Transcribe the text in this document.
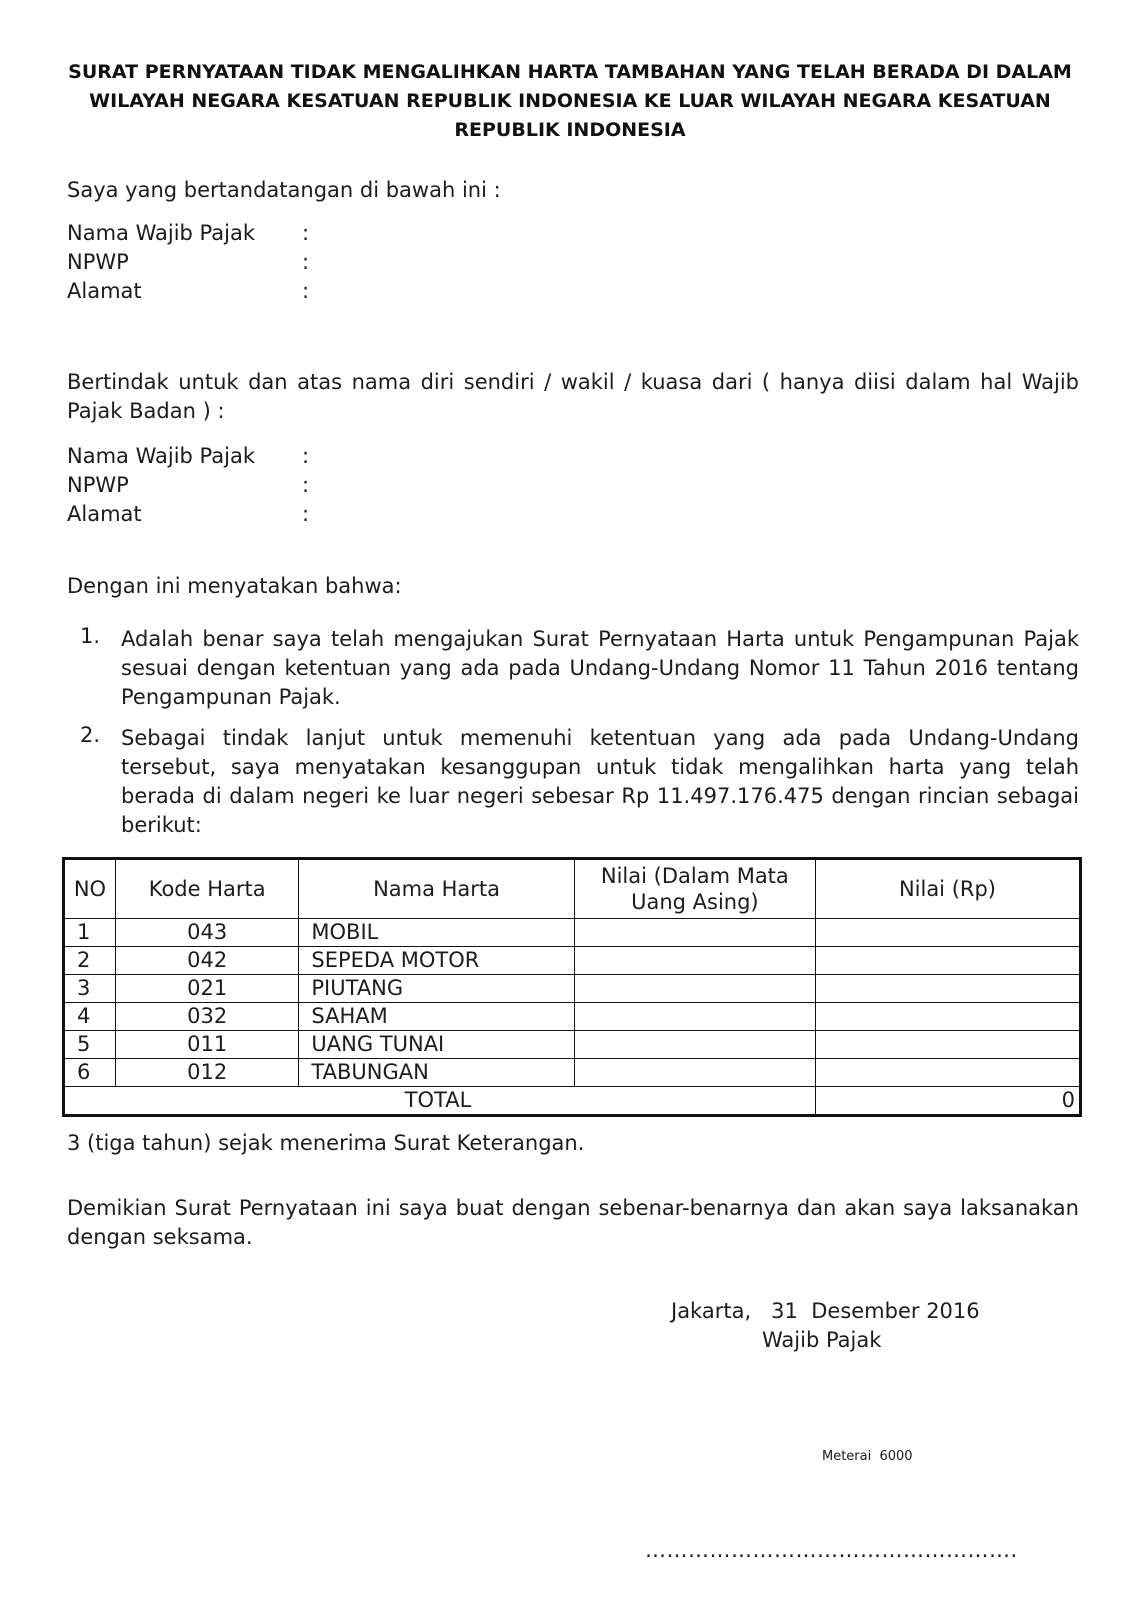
SURAT PERNYATAAN TIDAK MENGALIHKAN HARTA TAMBAHAN YANG TELAH BERADA DI DALAM
WILAYAH NEGARA KESATUAN REPUBLIK INDONESIA KE LUAR WILAYAH NEGARA KESATUAN
REPUBLIK INDONESIA
Saya yang bertandatangan di bawah ini :
Nama Wajib Pajak :
NPWP	:
Alamat	:
Bertindak untuk dan atas nama diri sendiri / wakil / kuasa dari ( hanya diisi dalam hal Wajib Pajak Badan ) :
Nama Wajib Pajak :
NPWP	:
Alamat	:
Dengan ini menyatakan bahwa:
1. Adalah benar saya telah mengajukan Surat Pernyataan Harta untuk Pengampunan Pajak sesuai dengan ketentuan yang ada pada Undang-Undang Nomor 11 Tahun 2016 tentang Pengampunan Pajak.
2. Sebagai tindak lanjut untuk memenuhi ketentuan yang ada pada Undang-Undang tersebut, saya menyatakan kesanggupan untuk tidak mengalihkan harta yang telah berada di dalam negeri ke luar negeri sebesar Rp 11.497.176.475 dengan rincian sebagai berikut:
NO	Kode Harta	Nama Harta	Nilai (Dalam Mata Uang Asing)	Nilai (Rp)
1	043	MOBIL		
2	042	SEPEDA MOTOR		
3	021	PIUTANG		
4	032	SAHAM		
5	011	UANG TUNAI		
6	012	TABUNGAN		
TOTAL				0
3 (tiga tahun) sejak menerima Surat Keterangan.
Demikian Surat Pernyataan ini saya buat dengan sebenar-benarnya dan akan saya laksanakan dengan seksama.
Jakarta,   31  Desember 2016
Wajib Pajak
Meterai  6000
…………………………………………….
